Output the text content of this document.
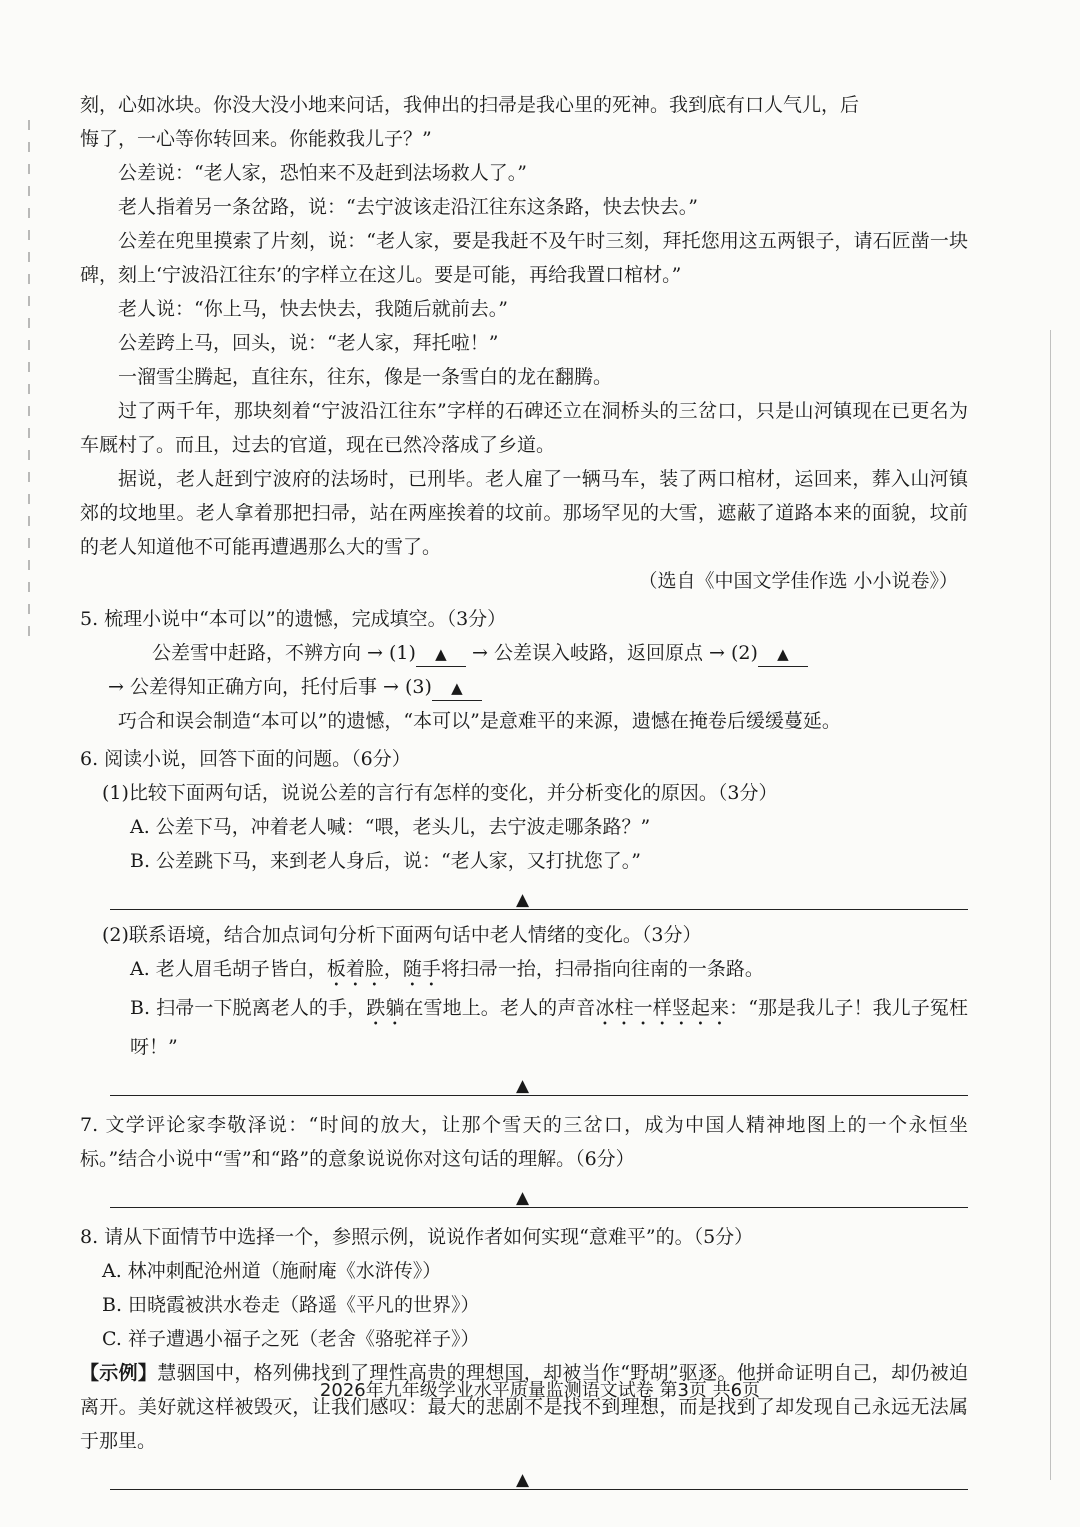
刻，心如冰块。你没大没小地来问话，我伸出的扫帚是我心里的死神。我到底有口人气儿，后

悔了，一心等你转回来。你能救我儿子？”

公差说：“老人家，恐怕来不及赶到法场救人了。”

老人指着另一条岔路，说：“去宁波该走沿江往东这条路，快去快去。”

公差在兜里摸索了片刻，说：“老人家，要是我赶不及午时三刻，拜托您用这五两银子，请石匠凿一块碑，刻上‘宁波沿江往东’的字样立在这儿。要是可能，再给我置口棺材。”

老人说：“你上马，快去快去，我随后就前去。”

公差跨上马，回头，说：“老人家，拜托啦！”

一溜雪尘腾起，直往东，往东，像是一条雪白的龙在翻腾。

过了两千年，那块刻着“宁波沿江往东”字样的石碑还立在洞桥头的三岔口，只是山河镇现在已更名为车厩村了。而且，过去的官道，现在已然冷落成了乡道。

据说，老人赶到宁波府的法场时，已刑毕。老人雇了一辆马车，装了两口棺材，运回来，葬入山河镇郊的坟地里。老人拿着那把扫帚，站在两座挨着的坟前。那场罕见的大雪，遮蔽了道路本来的面貌，坟前的老人知道他不可能再遭遇那么大的雪了。

（选自《中国文学佳作选 小小说卷》）

5. 梳理小说中“本可以”的遗憾，完成填空。（3分）

公差雪中赶路，不辨方向 → (1) ▲ → 公差误入岐路，返回原点 → (2) ▲

→ 公差得知正确方向，托付后事 → (3) ▲

巧合和误会制造“本可以”的遗憾，“本可以”是意难平的来源，遗憾在掩卷后缓缓蔓延。

6. 阅读小说，回答下面的问题。（6分）

(1)比较下面两句话，说说公差的言行有怎样的变化，并分析变化的原因。（3分）

A. 公差下马，冲着老人喊：“喂，老头儿，去宁波走哪条路？”

B. 公差跳下马，来到老人身后，说：“老人家，又打扰您了。”

▲

(2)联系语境，结合加点词句分析下面两句话中老人情绪的变化。（3分）

A. 老人眉毛胡子皆白，板着脸，随手将扫帚一抬，扫帚指向往南的一条路。

B. 扫帚一下脱离老人的手，跌躺在雪地上。老人的声音冰柱一样竖起来：“那是我儿子！我儿子冤枉呀！”

▲

7. 文学评论家李敬泽说：“时间的放大，让那个雪天的三岔口，成为中国人精神地图上的一个永恒坐标。”结合小说中“雪”和“路”的意象说说你对这句话的理解。（6分）

▲

8. 请从下面情节中选择一个，参照示例，说说作者如何实现“意难平”的。（5分）

A. 林冲刺配沧州道（施耐庵《水浒传》）

B. 田晓霞被洪水卷走（路遥《平凡的世界》）

C. 祥子遭遇小福子之死（老舍《骆驼祥子》）

【示例】慧骃国中，格列佛找到了理性高贵的理想国，却被当作“野胡”驱逐。他拼命证明自己，却仍被迫离开。美好就这样被毁灭，让我们感叹：最大的悲剧不是找不到理想，而是找到了却发现自己永远无法属于那里。

▲
2026年九年级学业水平质量监测语文试卷 第3页 共6页
